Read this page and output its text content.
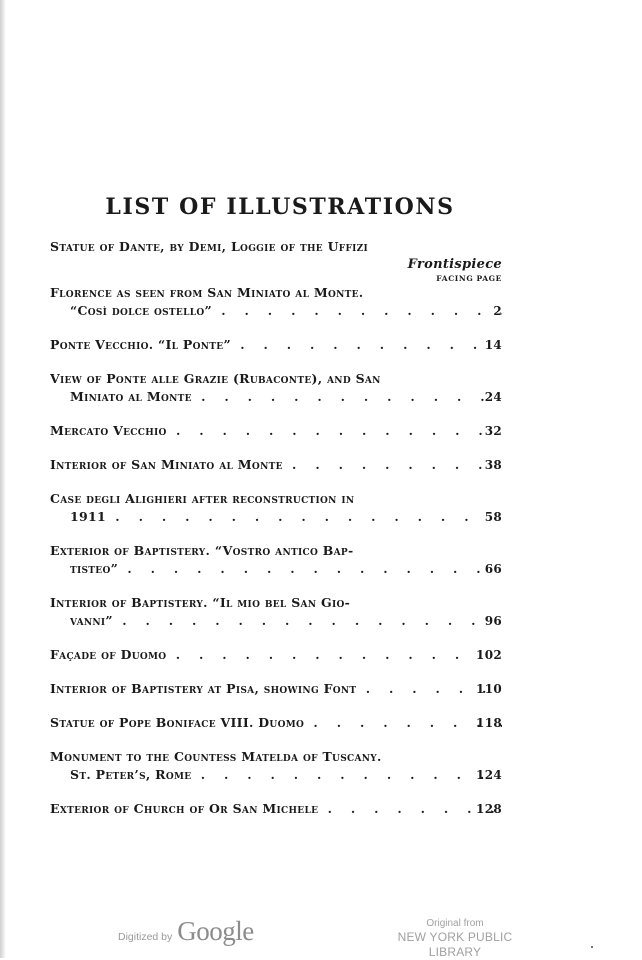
LIST OF ILLUSTRATIONS
Statue of Dante, by Demi, Loggie of the Uffizi
Frontispiece
FACING PAGE
Florence as seen from San Miniato al Monte.
“Così dolce ostello” .	2
Ponte Vecchio. “Il Ponte” .	14
View of Ponte alle Grazie (Rubaconte), and San
Miniato al Monte .	24
Mercato Vecchio .	32
Interior of San Miniato al Monte .	38
Case degli Alighieri after reconstruction in
1911 .	58
Exterior of Baptistery. “Vostro antico Bap-
tisteo” .	66
Interior of Baptistery. “Il mio bel San Gio-
vanni” .	96
Façade of Duomo .	102
Interior of Baptistery at Pisa, showing Font .	110
Statue of Pope Boniface VIII. Duomo .	118
Monument to the Countess Matelda of Tuscany.
St. Peter’s, Rome .	124
Exterior of Church of Or San Michele .	128
Digitized by Google	Original from
NEW YORK PUBLIC LIBRARY
